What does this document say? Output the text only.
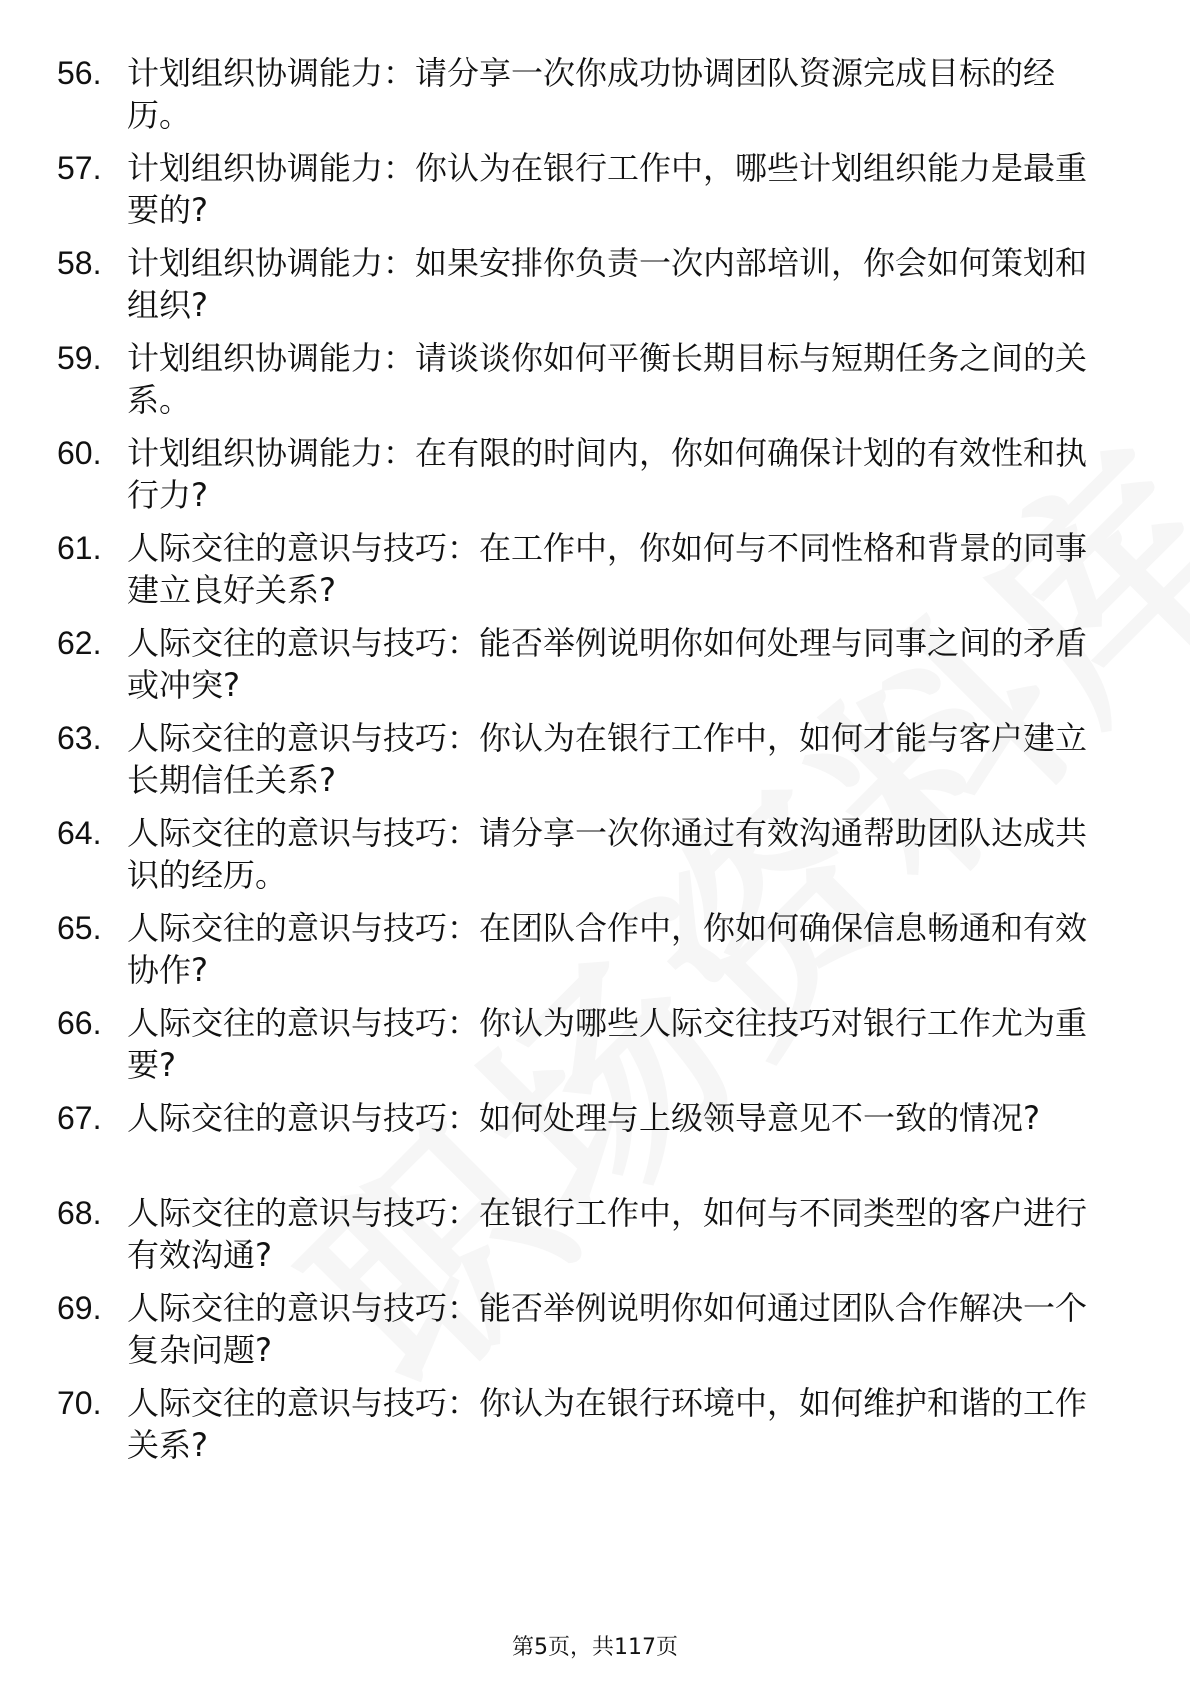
56. 计划组织协调能力：请分享一次你成功协调团队资源完成目标的经历。
57. 计划组织协调能力：你认为在银行工作中，哪些计划组织能力是最重要的?
58. 计划组织协调能力：如果安排你负责一次内部培训，你会如何策划和组织?
59. 计划组织协调能力：请谈谈你如何平衡长期目标与短期任务之间的关系。
60. 计划组织协调能力：在有限的时间内，你如何确保计划的有效性和执行力?
61. 人际交往的意识与技巧：在工作中，你如何与不同性格和背景的同事建立良好关系?
62. 人际交往的意识与技巧：能否举例说明你如何处理与同事之间的矛盾或冲突?
63. 人际交往的意识与技巧：你认为在银行工作中，如何才能与客户建立长期信任关系?
64. 人际交往的意识与技巧：请分享一次你通过有效沟通帮助团队达成共识的经历。
65. 人际交往的意识与技巧：在团队合作中，你如何确保信息畅通和有效协作?
66. 人际交往的意识与技巧：你认为哪些人际交往技巧对银行工作尤为重要?
67. 人际交往的意识与技巧：如何处理与上级领导意见不一致的情况?
68. 人际交往的意识与技巧：在银行工作中，如何与不同类型的客户进行有效沟通?
69. 人际交往的意识与技巧：能否举例说明你如何通过团队合作解决一个复杂问题?
70. 人际交往的意识与技巧：你认为在银行环境中，如何维护和谐的工作关系?
第5页，共117页
